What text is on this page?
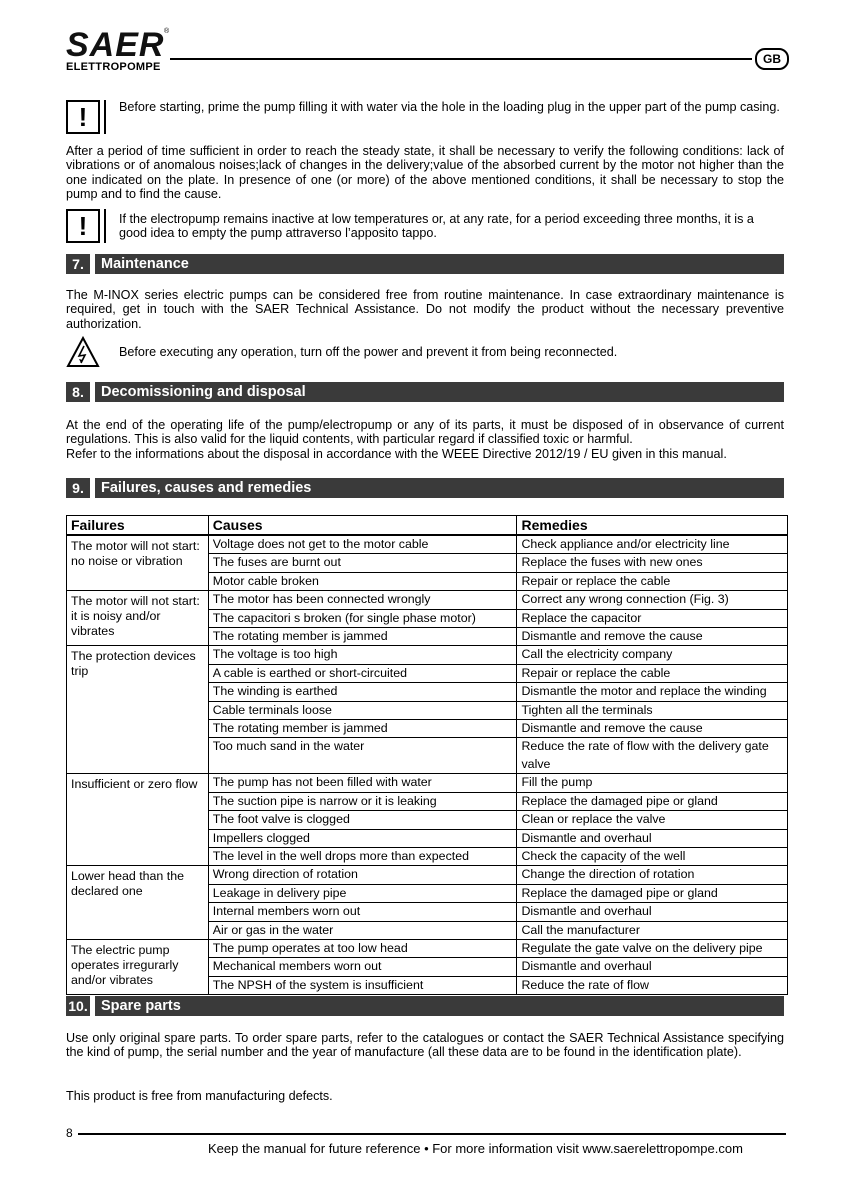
SAER
ELETTROPOMPE
®
GB
!	Before starting, prime the pump filling it with water via the hole in the loading plug in the upper part of the pump casing.
After a period of time sufficient in order to reach the steady state, it shall be necessary to verify the following conditions: lack of vibrations or of anomalous noises;lack of changes in the delivery;value of the absorbed current by the motor not higher than the one indicated on the plate. In presence of one (or more) of the above mentioned conditions, it shall be necessary to stop the pump and to find the cause.
!	If the electropump remains inactive at low temperatures or, at any rate, for a period exceeding three months, it is a good idea to empty the pump attraverso l’apposito tappo.
7.	Maintenance
The M-INOX series electric pumps can be considered free from routine maintenance. In case extraordinary maintenance is required, get in touch with the SAER Technical Assistance. Do not modify the product without the necessary preventive authorization.
Before executing any operation, turn off the power and prevent it from being reconnected.
8.	Decomissioning and disposal
At the end of the operating life of the pump/electropump or any of its parts, it must be disposed of in observance of current regulations. This is also valid for the liquid contents, with particular regard if classified toxic or harmful.
Refer to the informations about the disposal in accordance with the WEEE Directive 2012/19 / EU given in this manual.
9.	Failures, causes and remedies
Failures	Causes	Remedies
The motor will not start: no noise or vibration	Voltage does not get to the motor cable	Check appliance and/or electricity line
	The fuses are burnt out	Replace the fuses with new ones
	Motor cable broken	Repair or replace the cable
The motor will not start: it is noisy and/or vibrates	The motor has been connected wrongly	Correct any wrong connection (Fig. 3)
	The capacitori s broken (for single phase motor)	Replace the capacitor
	The rotating member is jammed	Dismantle and remove the cause
The protection devices trip	The voltage is too high	Call the electricity company
	A cable is earthed or short-circuited	Repair or replace the cable
	The winding is earthed	Dismantle the motor and replace the winding
	Cable terminals loose	Tighten all the terminals
	The rotating member is jammed	Dismantle and remove the cause
	Too much sand in the water	Reduce the rate of flow with the delivery gate valve
Insufficient or zero flow	The pump has not been filled with water	Fill the pump
	The suction pipe is narrow or it is leaking	Replace the damaged pipe or gland
	The foot valve is clogged	Clean or replace the valve
	Impellers clogged	Dismantle and overhaul
	The level in the well drops more than expected	Check the capacity of the well
Lower head than the declared one	Wrong direction of rotation	Change the direction of rotation
	Leakage in delivery pipe	Replace the damaged pipe or gland
	Internal members worn out	Dismantle and overhaul
	Air or gas in the water	Call the manufacturer
The electric pump operates irregurarly and/or vibrates	The pump operates at too low head	Regulate the gate valve on the delivery pipe
	Mechanical members worn out	Dismantle and overhaul
	The NPSH of the system is insufficient	Reduce the rate of flow
10. Spare parts
Use only original spare parts. To order spare parts, refer to the catalogues or contact the SAER Technical Assistance specifying the kind of pump, the serial number and the year of manufacture (all these data are to be found in the identification plate).
This product is free from manufacturing defects.
8
Keep the manual for future reference • For more information visit www.saerelettropompe.com
